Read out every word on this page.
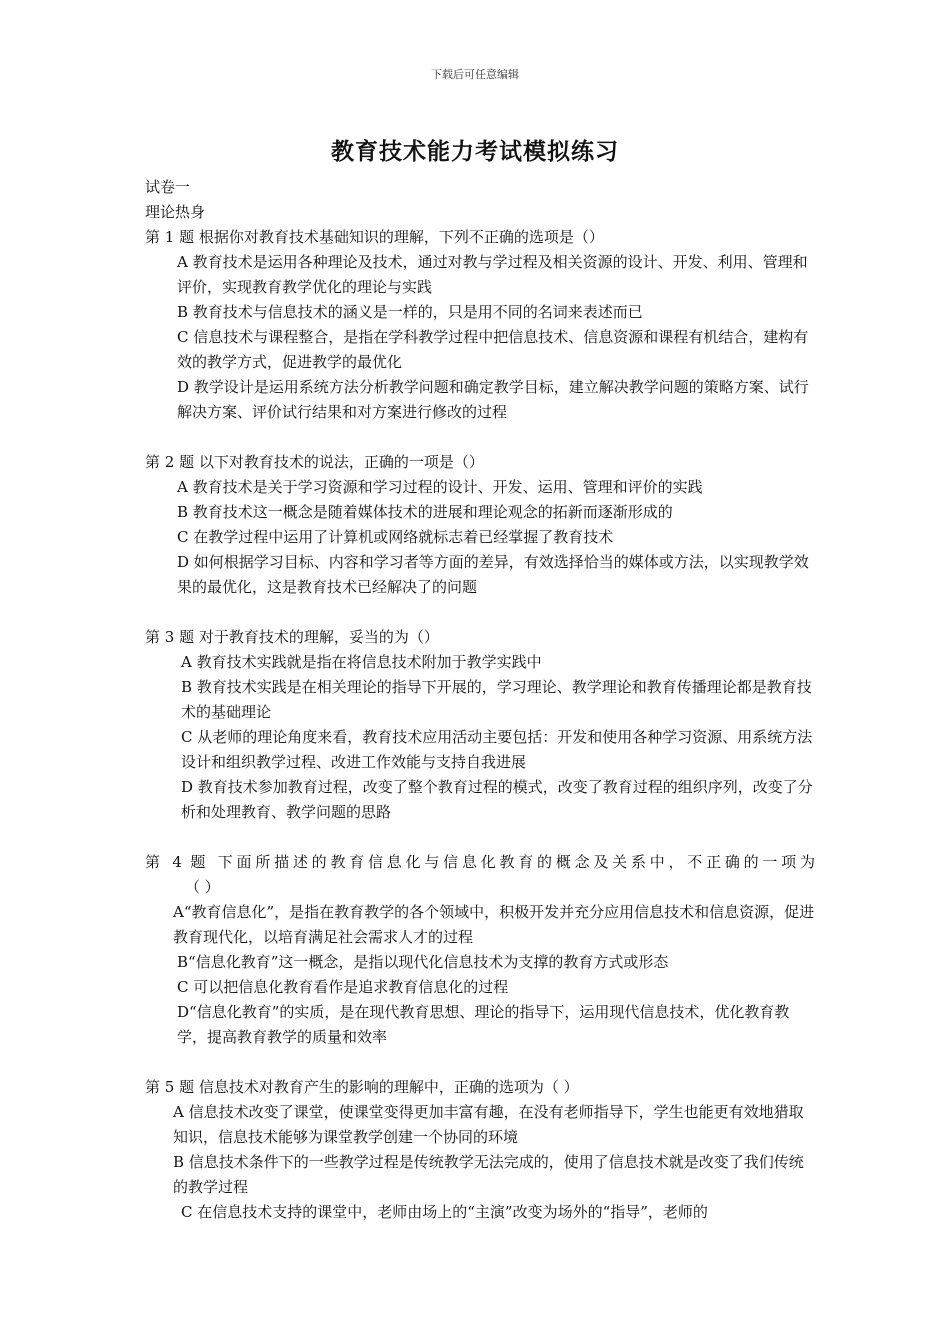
下载后可任意编辑
教育技术能力考试模拟练习
试卷一
理论热身
第 1 题 根据你对教育技术基础知识的理解，下列不正确的选项是（）
A 教育技术是运用各种理论及技术，通过对教与学过程及相关资源的设计、开发、利用、管理和评价，实现教育教学优化的理论与实践
B 教育技术与信息技术的涵义是一样的，只是用不同的名词来表述而已
C 信息技术与课程整合，是指在学科教学过程中把信息技术、信息资源和课程有机结合，建构有效的教学方式，促进教学的最优化
D 教学设计是运用系统方法分析教学问题和确定教学目标，建立解决教学问题的策略方案、试行解决方案、评价试行结果和对方案进行修改的过程
第 2 题 以下对教育技术的说法，正确的一项是（）
A 教育技术是关于学习资源和学习过程的设计、开发、运用、管理和评价的实践
B 教育技术这一概念是随着媒体技术的进展和理论观念的拓新而逐渐形成的
C 在教学过程中运用了计算机或网络就标志着已经掌握了教育技术
D 如何根据学习目标、内容和学习者等方面的差异，有效选择恰当的媒体或方法，以实现教学效果的最优化，这是教育技术已经解决了的问题
第 3 题 对于教育技术的理解，妥当的为（）
A 教育技术实践就是指在将信息技术附加于教学实践中
B 教育技术实践是在相关理论的指导下开展的，学习理论、教学理论和教育传播理论都是教育技术的基础理论
C 从老师的理论角度来看，教育技术应用活动主要包括：开发和使用各种学习资源、用系统方法设计和组织教学过程、改进工作效能与支持自我进展
D 教育技术参加教育过程，改变了整个教育过程的模式，改变了教育过程的组织序列，改变了分析和处理教育、教学问题的思路
第 4 题 下面所描述的教育信息化与信息化教育的概念及关系中，不正确的一项为
（ ）
A“教育信息化”，是指在教育教学的各个领域中，积极开发并充分应用信息技术和信息资源，促进教育现代化，以培育满足社会需求人才的过程
B“信息化教育”这一概念，是指以现代化信息技术为支撑的教育方式或形态
C 可以把信息化教育看作是追求教育信息化的过程
D“信息化教育”的实质，是在现代教育思想、理论的指导下，运用现代信息技术，优化教育教学，提高教育教学的质量和效率
第 5 题 信息技术对教育产生的影响的理解中，正确的选项为（ ）
A 信息技术改变了课堂，使课堂变得更加丰富有趣，在没有老师指导下，学生也能更有效地猎取知识，信息技术能够为课堂教学创建一个协同的环境
B 信息技术条件下的一些教学过程是传统教学无法完成的，使用了信息技术就是改变了我们传统的教学过程
C 在信息技术支持的课堂中，老师由场上的“主演”改变为场外的“指导”，老师的
